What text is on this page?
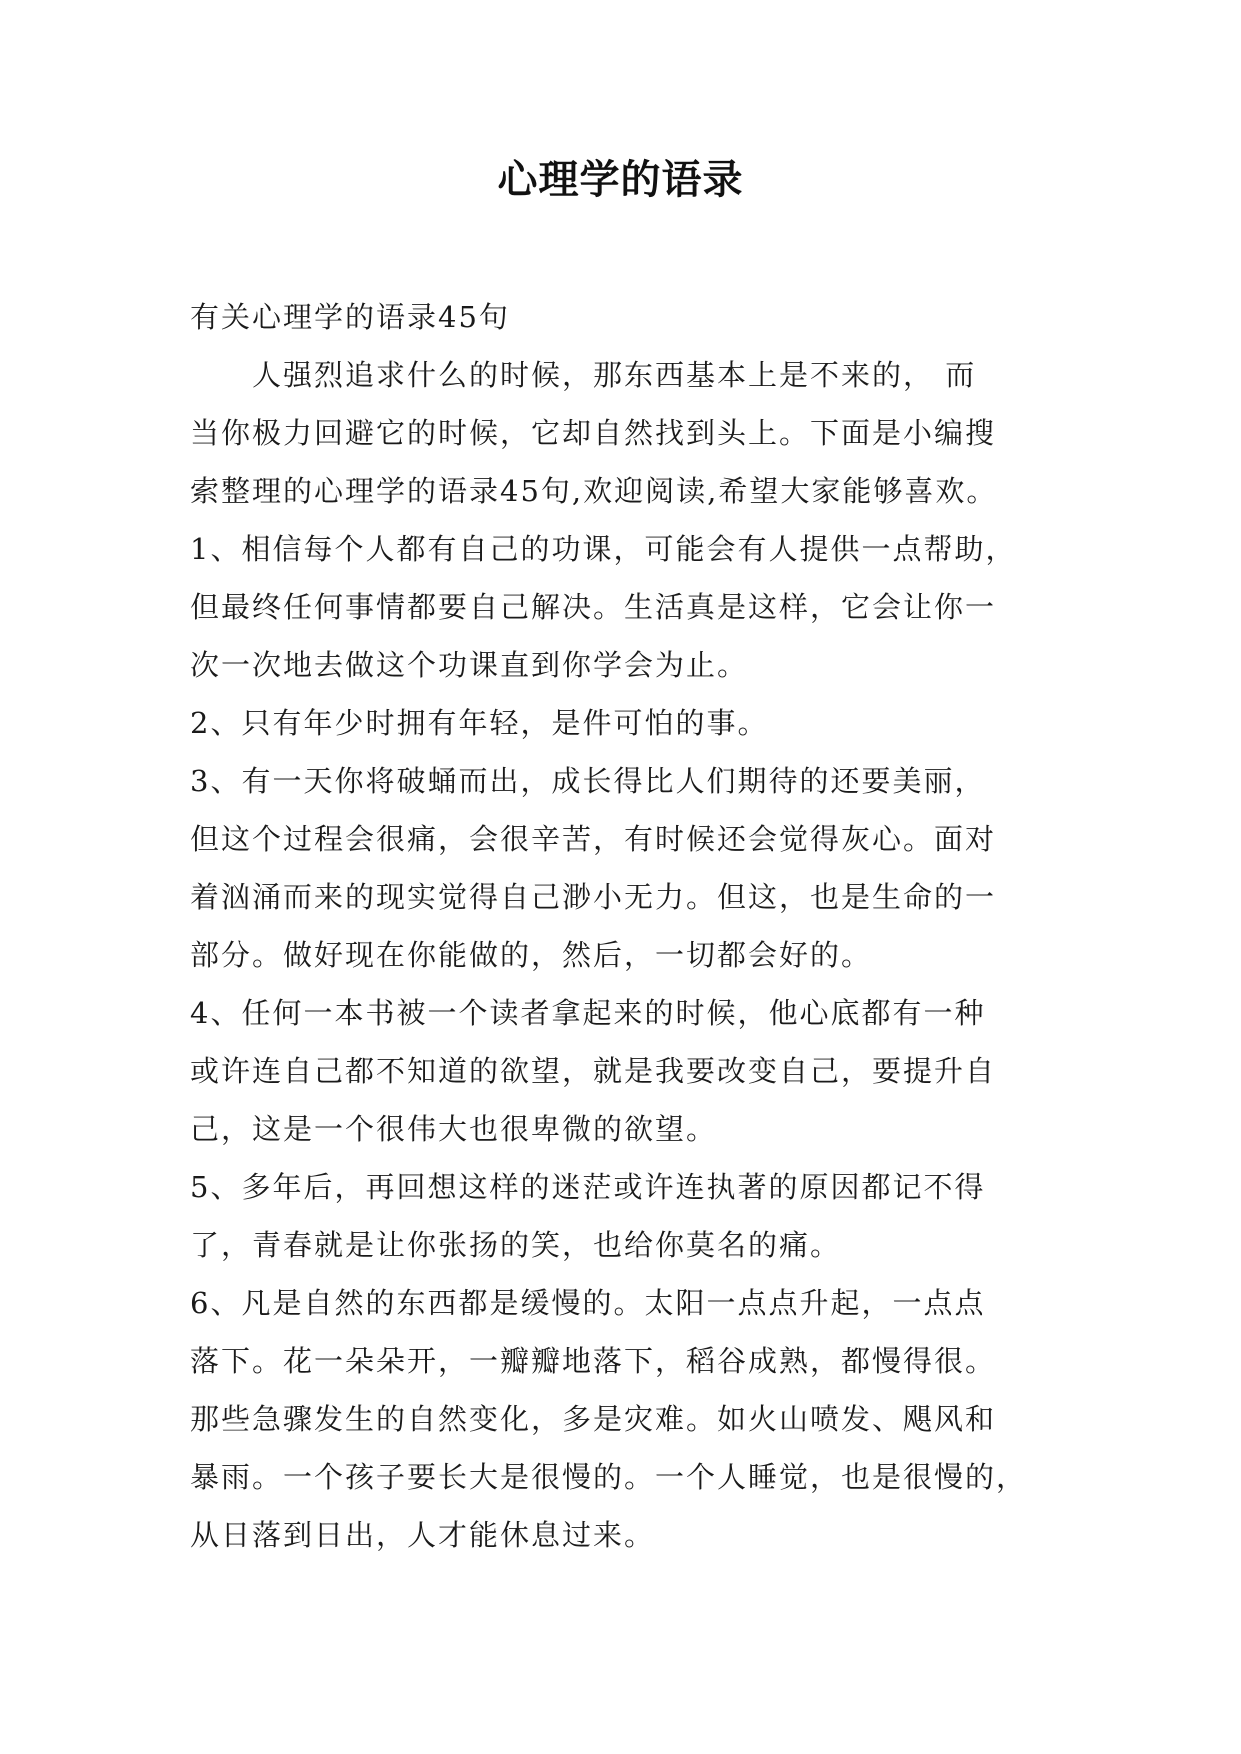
心理学的语录
有关心理学的语录45句
人强烈追求什么的时候，那东西基本上是不来的， 而
当你极力回避它的时候，它却自然找到头上。下面是小编搜
索整理的心理学的语录45句,欢迎阅读,希望大家能够喜欢。
1、相信每个人都有自己的功课，可能会有人提供一点帮助，
但最终任何事情都要自己解决。生活真是这样，它会让你一
次一次地去做这个功课直到你学会为止。
2、只有年少时拥有年轻，是件可怕的事。
3、有一天你将破蛹而出，成长得比人们期待的还要美丽，
但这个过程会很痛，会很辛苦，有时候还会觉得灰心。面对
着汹涌而来的现实觉得自己渺小无力。但这，也是生命的一
部分。做好现在你能做的，然后，一切都会好的。
4、任何一本书被一个读者拿起来的时候，他心底都有一种
或许连自己都不知道的欲望，就是我要改变自己，要提升自
己，这是一个很伟大也很卑微的欲望。
5、多年后，再回想这样的迷茫或许连执著的原因都记不得
了，青春就是让你张扬的笑，也给你莫名的痛。
6、凡是自然的东西都是缓慢的。太阳一点点升起，一点点
落下。花一朵朵开，一瓣瓣地落下，稻谷成熟，都慢得很。
那些急骤发生的自然变化，多是灾难。如火山喷发、飓风和
暴雨。一个孩子要长大是很慢的。一个人睡觉，也是很慢的，
从日落到日出，人才能休息过来。
